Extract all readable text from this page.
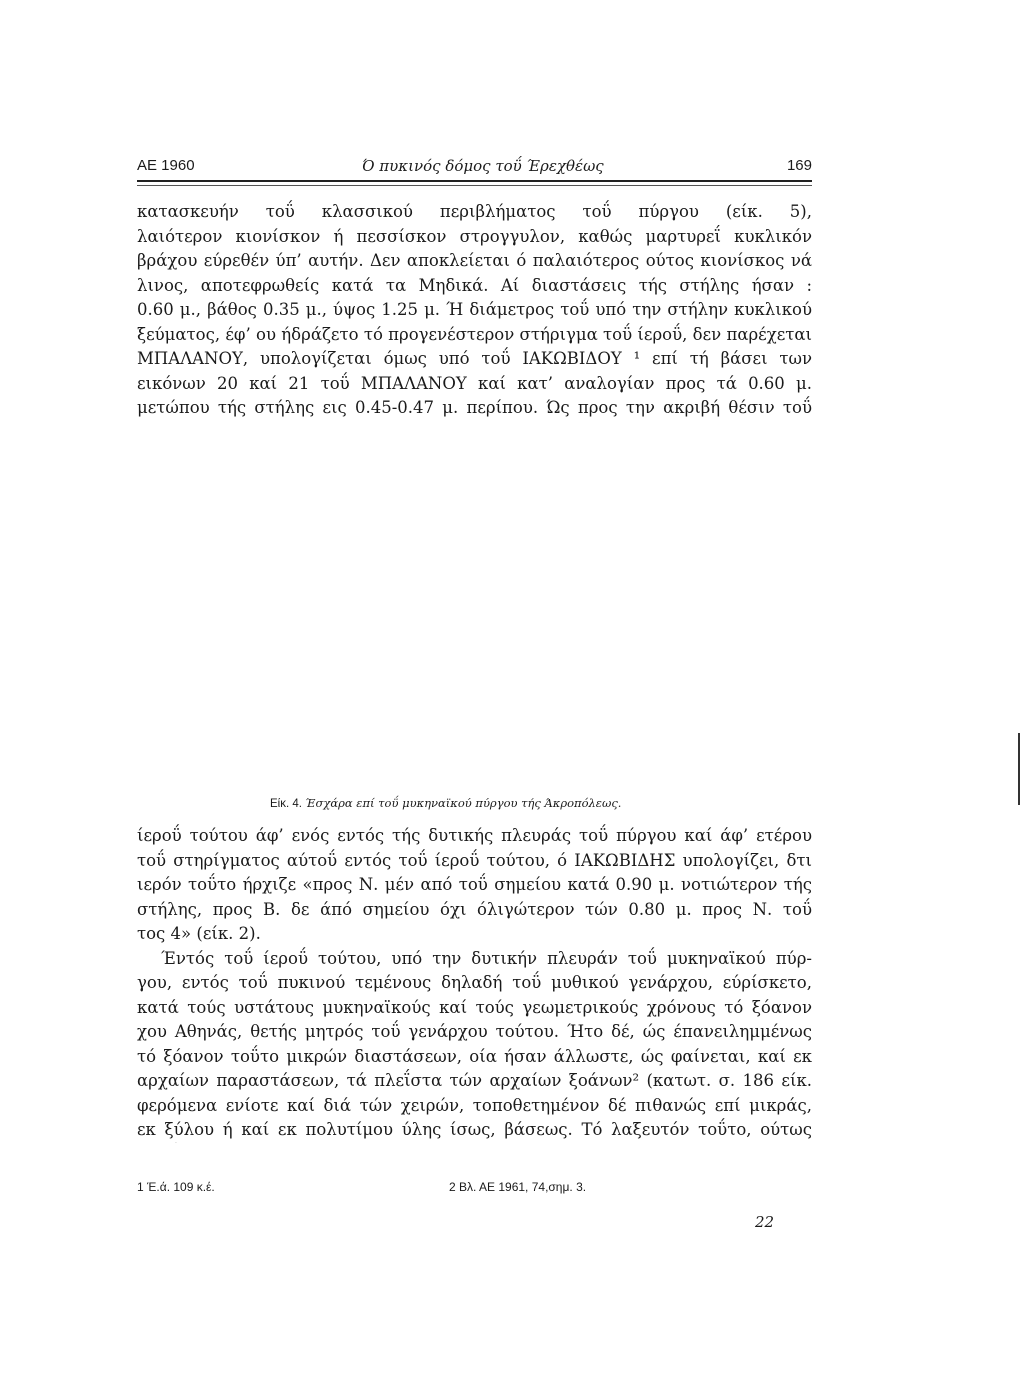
ΑΕ 1960	Ό πυκινός δόμος τοΰ Έρεχθέως	169
κατασκευήν τοΰ κλασσικού περιβλήματος τοΰ πύργου (είκ. 5),
λαιότερον κιονίσκον ή πεσσίσκον στρογγυλον, καθώς μαρτυρεΐ κυκλικόν
βράχου εύρεθέν ύπ’ αυτήν. Δεν αποκλείεται ό παλαιότερος ούτος κιονίσκος νά
λινος, αποτεφρωθείς κατά τα Μηδικά. Αί διαστάσεις τής στήλης ήσαν :
0.60 μ., βάθος 0.35 μ., ύψος 1.25 μ. Ή διάμετρος τοΰ υπό την στήλην κυκλικού
ξεύματος, έφ’ ου ήδράζετο τό προγενέστερον στήριγμα τοΰ ίεροΰ, δεν παρέχεται
ΜΠΑΛΑΝΟΥ, υπολογίζεται όμως υπό τοΰ ΙΑΚΩΒΙΔΟΥ ¹ επί τή βάσει των
εικόνων 20 καί 21 τοΰ ΜΠΑΛΑΝΟΥ καί κατ’ αναλογίαν προς τά 0.60 μ.
μετώπου τής στήλης εις 0.45-0.47 μ. περίπου. Ώς προς την ακριβή θέσιν τοΰ
Είκ. 4. Έσχάρα επί τοΰ μυκηναϊκού πύργου τής Άκροπόλεως.
ίεροΰ τούτου άφ’ ενός εντός τής δυτικής πλευράς τοΰ πύργου καί άφ’ ετέρου
τοΰ στηρίγματος αύτοΰ εντός τοΰ ίεροΰ τούτου, ό ΙΑΚΩΒΙΔΗΣ υπολογίζει, δτι
ιερόν τοΰτο ήρχιζε «προς Ν. μέν από τοΰ σημείου κατά 0.90 μ. νοτιώτερον τής
στήλης, προς Β. δε άπό σημείου όχι όλιγώτερον τών 0.80 μ. προς Ν. τοΰ
τος 4» (είκ. 2).
Έντός τοΰ ίεροΰ τούτου, υπό την δυτικήν πλευράν τοΰ μυκηναϊκού πύρ-
γου, εντός τοΰ πυκινού τεμένους δηλαδή τοΰ μυθικού γενάρχου, εύρίσκετο,
κατά τούς υστάτους μυκηναϊκούς καί τούς γεωμετρικούς χρόνους τό ξόανον
χου Αθηνάς, θετής μητρός τοΰ γενάρχου τούτου. Ήτο δέ, ώς έπανειλημμένως
τό ξόανον τοΰτο μικρών διαστάσεων, οία ήσαν άλλωστε, ώς φαίνεται, καί εκ
αρχαίων παραστάσεων, τά πλεΐστα τών αρχαίων ξοάνων² (κατωτ. σ. 186 είκ.
φερόμενα ενίοτε καί διά τών χειρών, τοποθετημένον δέ πιθανώς επί μικράς,
εκ ξύλου ή καί εκ πολυτίμου ύλης ίσως, βάσεως. Τό λαξευτόν τοΰτο, ούτως
1 Έ.ά. 109 κ.έ.	2 Βλ. ΑΕ 1961, 74,σημ. 3.
22
